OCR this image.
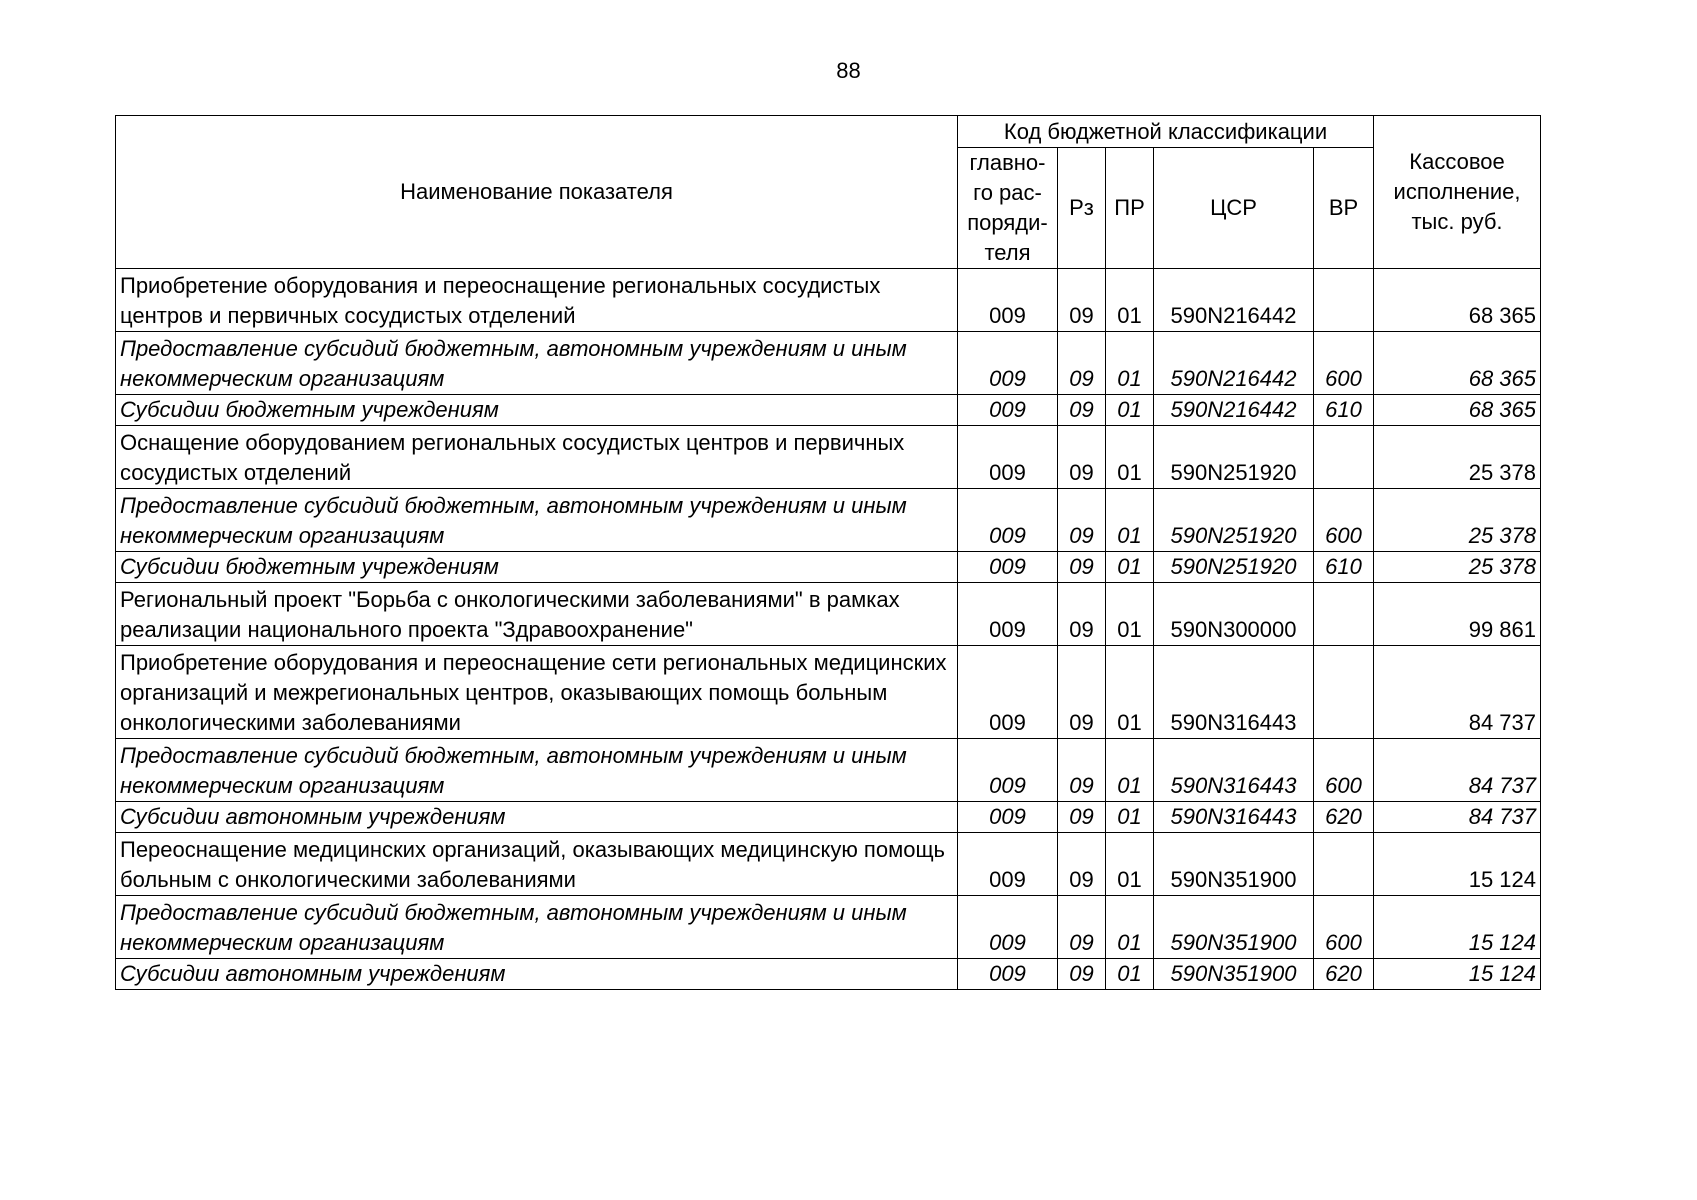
88
Наименование показателя	Код бюджетной классификации					Кассовое исполнение, тыс. руб.
	главно-го рас-поряди-теля	Рз	ПР	ЦСР	ВР	
Приобретение оборудования и переоснащение региональных сосудистых центров и первичных сосудистых отделений	009	09	01	590N216442		68 365
Предоставление субсидий бюджетным, автономным учреждениям и иным некоммерческим организациям	009	09	01	590N216442	600	68 365
Субсидии бюджетным учреждениям	009	09	01	590N216442	610	68 365
Оснащение оборудованием региональных сосудистых центров и первичных сосудистых отделений	009	09	01	590N251920		25 378
Предоставление субсидий бюджетным, автономным учреждениям и иным некоммерческим организациям	009	09	01	590N251920	600	25 378
Субсидии бюджетным учреждениям	009	09	01	590N251920	610	25 378
Региональный проект "Борьба с онкологическими заболеваниями" в рамках реализации национального проекта "Здравоохранение"	009	09	01	590N300000		99 861
Приобретение оборудования и переоснащение сети региональных медицинских организаций и межрегиональных центров, оказывающих помощь больным онкологическими заболеваниями	009	09	01	590N316443		84 737
Предоставление субсидий бюджетным, автономным учреждениям и иным некоммерческим организациям	009	09	01	590N316443	600	84 737
Субсидии автономным учреждениям	009	09	01	590N316443	620	84 737
Переоснащение медицинских организаций, оказывающих медицинскую помощь больным с онкологическими заболеваниями	009	09	01	590N351900		15 124
Предоставление субсидий бюджетным, автономным учреждениям и иным некоммерческим организациям	009	09	01	590N351900	600	15 124
Субсидии автономным учреждениям	009	09	01	590N351900	620	15 124
